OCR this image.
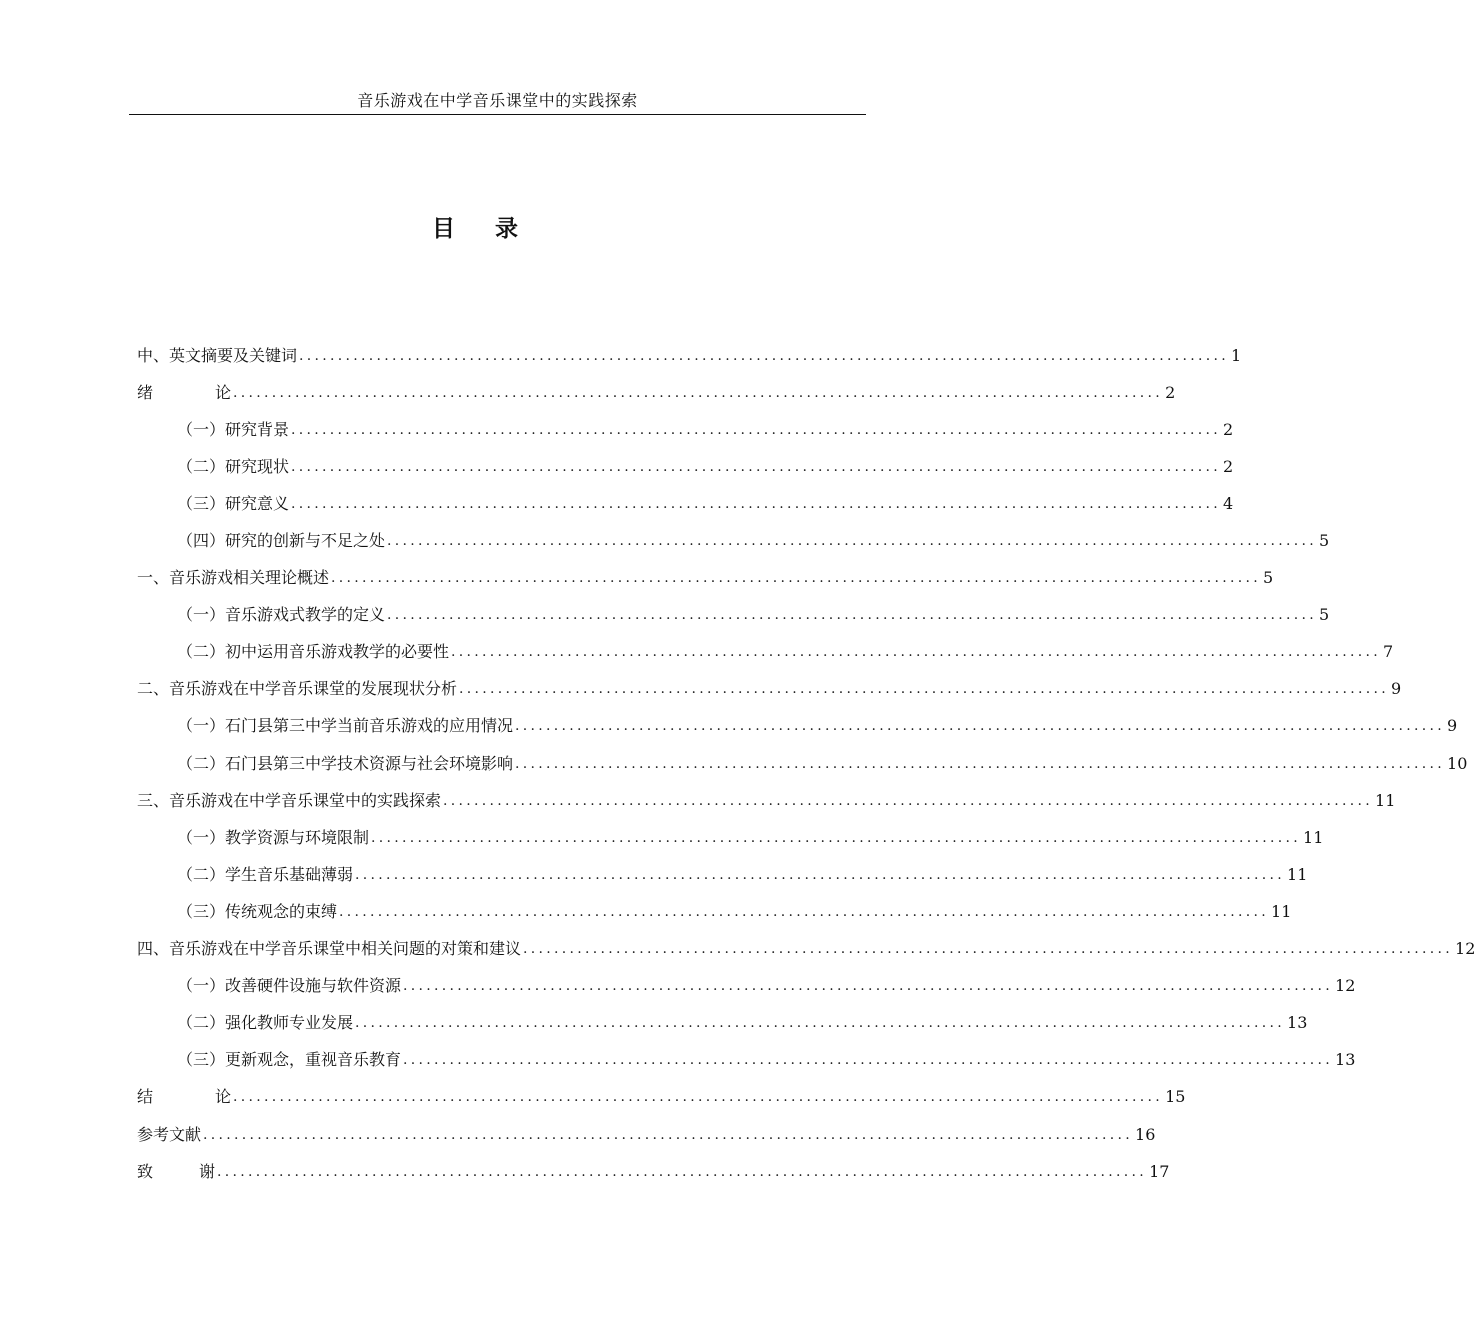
音乐游戏在中学音乐课堂中的实践探索
目录
中、英文摘要及关键词 ........................................................................................................................ 1
绪	论 ........................................................................................................................ 2
（一）研究背景 ........................................................................................................................ 2
（二）研究现状 ........................................................................................................................ 2
（三）研究意义 ........................................................................................................................ 4
（四）研究的创新与不足之处 ........................................................................................................................ 5
一、音乐游戏相关理论概述 ........................................................................................................................ 5
（一）音乐游戏式教学的定义 ........................................................................................................................ 5
（二）初中运用音乐游戏教学的必要性 ........................................................................................................................ 7
二、音乐游戏在中学音乐课堂的发展现状分析 ........................................................................................................................ 9
（一）石门县第三中学当前音乐游戏的应用情况 ........................................................................................................................ 9
（二）石门县第三中学技术资源与社会环境影响 ........................................................................................................................ 10
三、音乐游戏在中学音乐课堂中的实践探索 ........................................................................................................................ 11
（一）教学资源与环境限制 ........................................................................................................................ 11
（二）学生音乐基础薄弱 ........................................................................................................................ 11
（三）传统观念的束缚 ........................................................................................................................ 11
四、音乐游戏在中学音乐课堂中相关问题的对策和建议 ........................................................................................................................ 12
（一）改善硬件设施与软件资源 ........................................................................................................................ 12
（二）强化教师专业发展 ........................................................................................................................ 13
（三）更新观念，重视音乐教育 ........................................................................................................................ 13
结	论 ........................................................................................................................ 15
参考文献 ........................................................................................................................ 16
致	谢 ........................................................................................................................ 17
